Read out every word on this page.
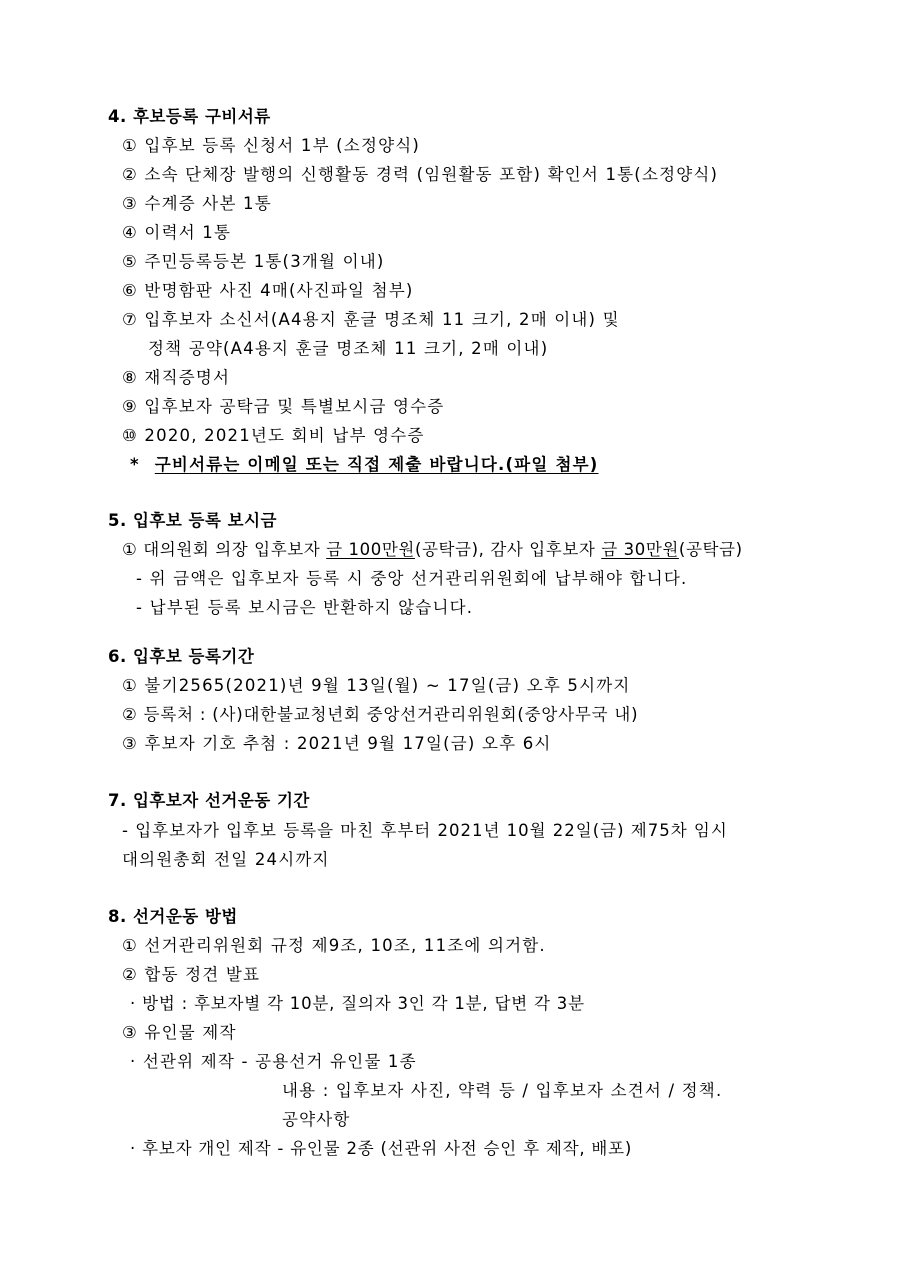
4. 후보등록 구비서류
① 입후보 등록 신청서 1부 (소정양식)
② 소속 단체장 발행의 신행활동 경력 (임원활동 포함) 확인서 1통(소정양식)
③ 수계증 사본 1통
④ 이력서 1통
⑤ 주민등록등본 1통(3개월 이내)
⑥ 반명함판 사진 4매(사진파일 첨부)
⑦ 입후보자 소신서(A4용지 훈글 명조체 11 크기, 2매 이내) 및
정책 공약(A4용지 훈글 명조체 11 크기, 2매 이내)
⑧ 재직증명서
⑨ 입후보자 공탁금 및 특별보시금 영수증
⑩ 2020, 2021년도 회비 납부 영수증
* 구비서류는 이메일 또는 직접 제출 바랍니다.(파일 첨부)
5. 입후보 등록 보시금
① 대의원회 의장 입후보자 금 100만원(공탁금), 감사 입후보자 금 30만원(공탁금)
- 위 금액은 입후보자 등록 시 중앙 선거관리위원회에 납부해야 합니다.
- 납부된 등록 보시금은 반환하지 않습니다.
6. 입후보 등록기간
① 불기2565(2021)년 9월 13일(월) ~ 17일(금) 오후 5시까지
② 등록처 : (사)대한불교청년회 중앙선거관리위원회(중앙사무국 내)
③ 후보자 기호 추첨 : 2021년 9월 17일(금) 오후 6시
7. 입후보자 선거운동 기간
- 입후보자가 입후보 등록을 마친 후부터 2021년 10월 22일(금) 제75차 임시
대의원총회 전일 24시까지
8. 선거운동 방법
① 선거관리위원회 규정 제9조, 10조, 11조에 의거함.
② 합동 정견 발표
· 방법 : 후보자별 각 10분, 질의자 3인 각 1분, 답변 각 3분
③ 유인물 제작
· 선관위 제작 - 공용선거 유인물 1종
내용 : 입후보자 사진, 약력 등 / 입후보자 소견서 / 정책.
공약사항
· 후보자 개인 제작 - 유인물 2종 (선관위 사전 승인 후 제작, 배포)
